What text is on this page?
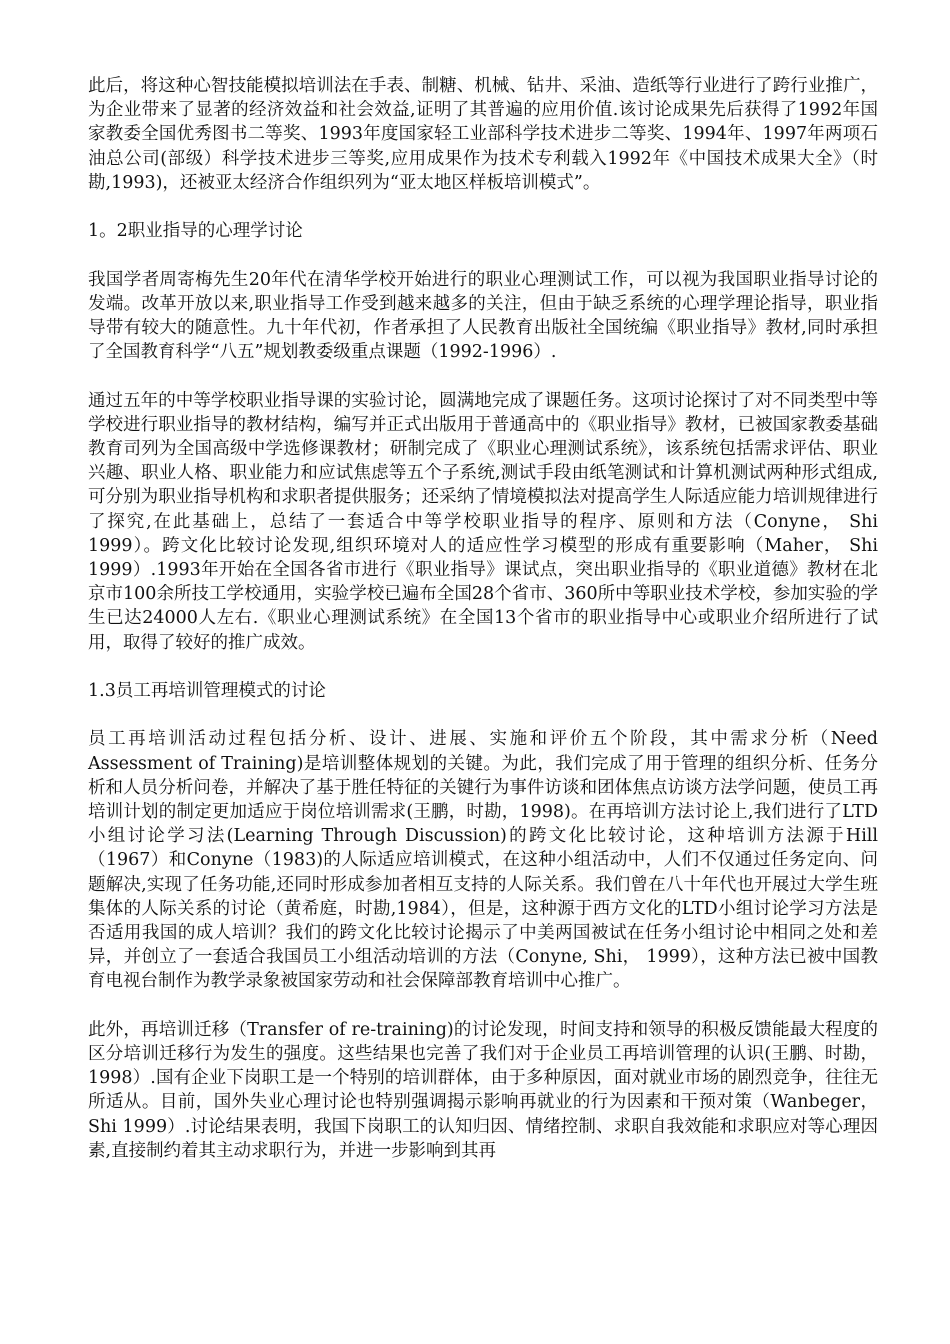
此后，将这种心智技能模拟培训法在手表、制糖、机械、钻井、采油、造纸等行业进行了跨行业推广，为企业带来了显著的经济效益和社会效益,证明了其普遍的应用价值.该讨论成果先后获得了1992年国家教委全国优秀图书二等奖、1993年度国家轻工业部科学技术进步二等奖、1994年、1997年两项石油总公司(部级）科学技术进步三等奖,应用成果作为技术专利载入1992年《中国技术成果大全》（时勘,1993)，还被亚太经济合作组织列为“亚太地区样板培训模式”。

1。2职业指导的心理学讨论

我国学者周寄梅先生20年代在清华学校开始进行的职业心理测试工作，可以视为我国职业指导讨论的发端。改革开放以来,职业指导工作受到越来越多的关注，但由于缺乏系统的心理学理论指导，职业指导带有较大的随意性。九十年代初，作者承担了人民教育出版社全国统编《职业指导》教材,同时承担了全国教育科学“八五”规划教委级重点课题（1992-1996）.

通过五年的中等学校职业指导课的实验讨论，圆满地完成了课题任务。这项讨论探讨了对不同类型中等学校进行职业指导的教材结构，编写并正式出版用于普通高中的《职业指导》教材，已被国家教委基础教育司列为全国高级中学选修课教材；研制完成了《职业心理测试系统》，该系统包括需求评估、职业兴趣、职业人格、职业能力和应试焦虑等五个子系统,测试手段由纸笔测试和计算机测试两种形式组成, 可分别为职业指导机构和求职者提供服务；还采纳了情境模拟法对提高学生人际适应能力培训规律进行了探究,在此基础上，总结了一套适合中等学校职业指导的程序、原则和方法（Conyne， Shi 1999）。跨文化比较讨论发现,组织环境对人的适应性学习模型的形成有重要影响（Maher， Shi 1999）.1993年开始在全国各省市进行《职业指导》课试点，突出职业指导的《职业道德》教材在北京市100余所技工学校通用，实验学校已遍布全国28个省市、360所中等职业技术学校，参加实验的学生已达24000人左右.《职业心理测试系统》在全国13个省市的职业指导中心或职业介绍所进行了试用，取得了较好的推广成效。

1.3员工再培训管理模式的讨论

员工再培训活动过程包括分析、设计、进展、实施和评价五个阶段，其中需求分析（Need Assessment of Training)是培训整体规划的关键。为此，我们完成了用于管理的组织分析、任务分析和人员分析问卷，并解决了基于胜任特征的关键行为事件访谈和团体焦点访谈方法学问题，使员工再培训计划的制定更加适应于岗位培训需求(王鹏，时勘，1998)。在再培训方法讨论上,我们进行了LTD小组讨论学习法(Learning Through Discussion)的跨文化比较讨论，这种培训方法源于Hill（1967）和Conyne（1983)的人际适应培训模式，在这种小组活动中，人们不仅通过任务定向、问题解决,实现了任务功能,还同时形成参加者相互支持的人际关系。我们曾在八十年代也开展过大学生班集体的人际关系的讨论（黄希庭，时勘,1984），但是，这种源于西方文化的LTD小组讨论学习方法是否适用我国的成人培训？我们的跨文化比较讨论揭示了中美两国被试在任务小组讨论中相同之处和差异，并创立了一套适合我国员工小组活动培训的方法（Conyne, Shi， 1999），这种方法已被中国教育电视台制作为教学录象被国家劳动和社会保障部教育培训中心推广。

此外，再培训迁移（Transfer of re-training)的讨论发现，时间支持和领导的积极反馈能最大程度的区分培训迁移行为发生的强度。这些结果也完善了我们对于企业员工再培训管理的认识(王鹏、时勘，1998）.国有企业下岗职工是一个特别的培训群体，由于多种原因，面对就业市场的剧烈竞争，往往无所适从。目前，国外失业心理讨论也特别强调揭示影响再就业的行为因素和干预对策（Wanbeger， Shi 1999）.讨论结果表明，我国下岗职工的认知归因、情绪控制、求职自我效能和求职应对等心理因素,直接制约着其主动求职行为，并进一步影响到其再
